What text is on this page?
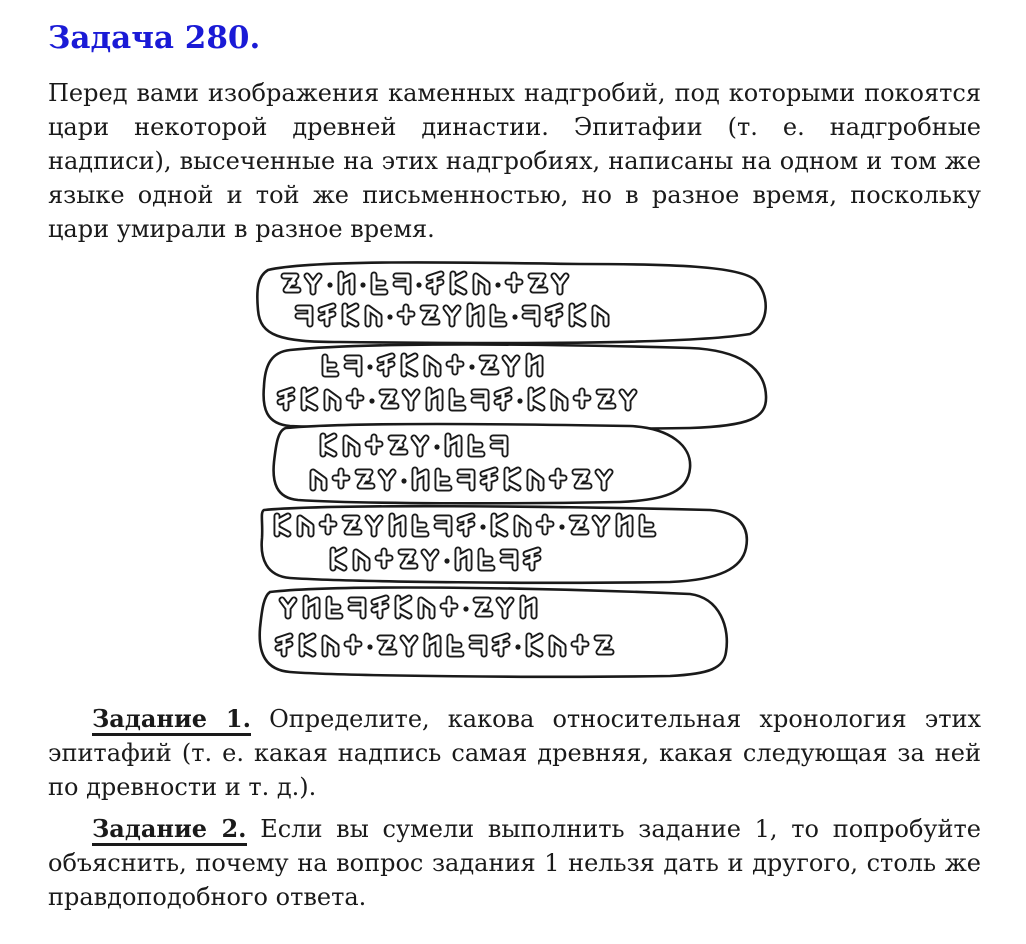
Задача 280.

Перед вами изображения каменных надгробий, под которыми покоятся цари некоторой древней династии. Эпитафии (т. е. надгробные надписи), высеченные на этих надгробиях, написаны на одном и том же языке одной и той же письменностью, но в разное время, поскольку цари умирали в разное время.

Задание 1. Определите, какова относительная хронология этих эпитафий (т. е. какая надпись самая древняя, какая следующая за ней по древности и т. д.).

Задание 2. Если вы сумели выполнить задание 1, то попробуйте объяснить, почему на вопрос задания 1 нельзя дать и другого, столь же правдоподобного ответа.
